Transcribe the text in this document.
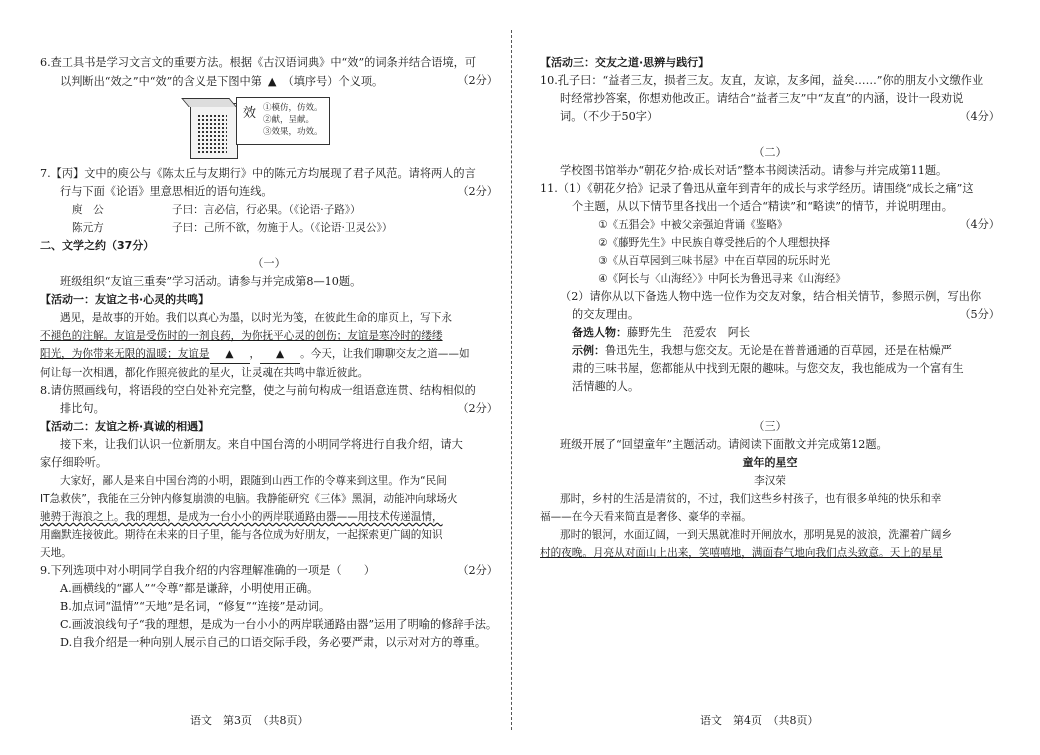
6.查工具书是学习文言文的重要方法。根据《古汉语词典》中“效”的词条并结合语境，可
以判断出“效之”中“效”的含义是下图中第 ▲ （填序号）个义项。	（2分）
效 ①模仿，仿效。
②献，呈献。
③效果，功效。
7.【丙】文中的庾公与《陈太丘与友期行》中的陈元方均展现了君子风范。请将两人的言
行与下面《论语》里意思相近的语句连线。	（2分）
庾　公	子曰：言必信，行必果。（《论语·子路》）
陈元方	子曰：己所不欲，勿施于人。（《论语·卫灵公》）
二、文学之约（37分）
（一）
班级组织“友谊三重奏”学习活动。请参与并完成第8—10题。
【活动一：友谊之书·心灵的共鸣】
遇见，是故事的开始。我们以真心为墨，以时光为笺，在彼此生命的扉页上，写下永
不褪色的注解。友谊是受伤时的一剂良药，为你抚平心灵的创伤；友谊是寒冷时的缕缕
阳光，为你带来无限的温暖；友谊是 ▲ ， ▲ 。今天，让我们聊聊交友之道——如
何让每一次相遇，都化作照亮彼此的星火，让灵魂在共鸣中靠近彼此。
8.请仿照画线句，将语段的空白处补充完整，使之与前句构成一组语意连贯、结构相似的
排比句。	（2分）
【活动二：友谊之桥·真诚的相遇】
接下来，让我们认识一位新朋友。来自中国台湾的小明同学将进行自我介绍，请大
家仔细聆听。
大家好，鄙人是来自中国台湾的小明，跟随到山西工作的令尊来到这里。作为“民间
IT急救侠”，我能在三分钟内修复崩溃的电脑。我静能研究《三体》黑洞，动能冲向球场火
驰骋于海浪之上。我的理想，是成为一台小小的两岸联通路由器——用技术传递温情，
用幽默连接彼此。期待在未来的日子里，能与各位成为好朋友，一起探索更广阔的知识
天地。
9.下列选项中对小明同学自我介绍的内容理解准确的一项是（　　）	（2分）
A.画横线的“鄙人”“令尊”都是谦辞，小明使用正确。
B.加点词“温情”“天地”是名词，“修复”“连接”是动词。
C.画波浪线句子“我的理想，是成为一台小小的两岸联通路由器”运用了明喻的修辞手法。
D.自我介绍是一种向别人展示自己的口语交际手段，务必要严肃，以示对对方的尊重。
语文　第3页　（共8页）
【活动三：交友之道·思辨与践行】
10.孔子曰：“益者三友，损者三友。友直，友谅，友多闻，益矣……”你的朋友小文缴作业
时经常抄答案，你想劝他改正。请结合“益者三友”中“友直”的内涵，设计一段劝说
词。（不少于50字）	（4分）
（二）
学校图书馆举办“朝花夕拾·成长对话”整本书阅读活动。请参与并完成第11题。
11.（1）《朝花夕拾》记录了鲁迅从童年到青年的成长与求学经历。请围绕“成长之痛”这
个主题，从以下情节里各找出一个适合“精读”和“略读”的情节，并说明理由。
（4分）
①《五猖会》中被父亲强迫背诵《鉴略》
②《藤野先生》中民族自尊受挫后的个人理想抉择
③《从百草园到三味书屋》中在百草园的玩乐时光
④《阿长与〈山海经〉》中阿长为鲁迅寻来《山海经》
（2）请你从以下备选人物中选一位作为交友对象，结合相关情节，参照示例，写出你
的交友理由。	（5分）
备选人物：藤野先生　范爱农　阿长
示例：鲁迅先生，我想与您交友。无论是在普普通通的百草园，还是在枯燥严
肃的三味书屋，您都能从中找到无限的趣味。与您交友，我也能成为一个富有生
活情趣的人。
（三）
班级开展了“回望童年”主题活动。请阅读下面散文并完成第12题。
童年的星空
李汉荣
那时，乡村的生活是清贫的，不过，我们这些乡村孩子，也有很多单纯的快乐和幸
福——在今天看来简直是奢侈、豪华的幸福。
那时的银河，水面辽阔，一到天黑就准时开闸放水，那明晃晃的波浪，洗濯着广阔乡
村的夜晚。月亮从对面山上出来，笑嘻嘻地，满面春气地向我们点头致意。天上的星星
语文　第4页　（共8页）
